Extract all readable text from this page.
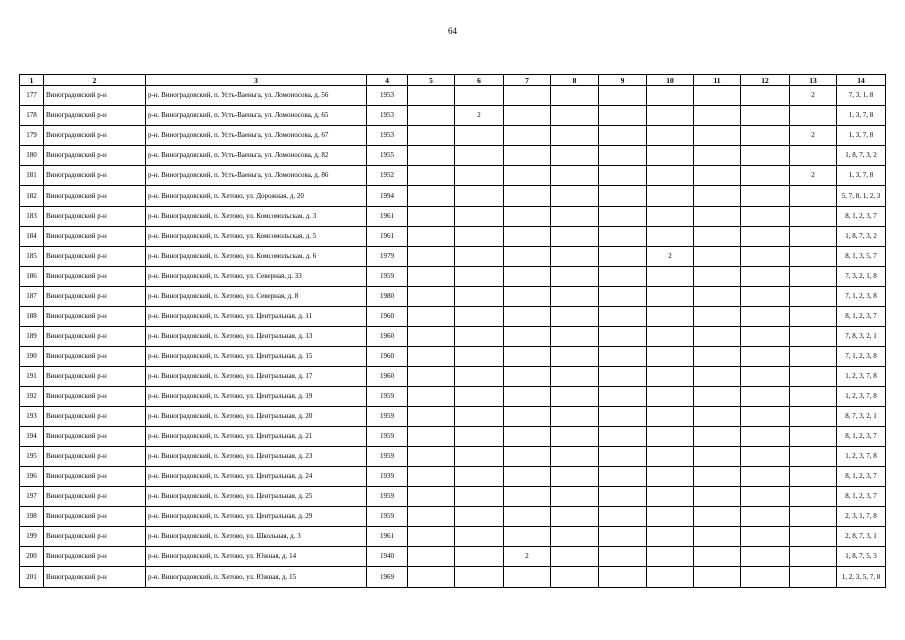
64
1	2	3	4	5	6	7	8	9	10	11	12	13	14
177	Виноградовский р-н	р-н. Виноградовский, п. Усть-Ваеньга, ул. Ломоносова, д. 56	1953									2	7, 3, 1, 8
178	Виноградовский р-н	р-н. Виноградовский, п. Усть-Ваеньга, ул. Ломоносова, д. 65	1953		2								1, 3, 7, 8
179	Виноградовский р-н	р-н. Виноградовский, п. Усть-Ваеньга, ул. Ломоносова, д. 67	1953									2	1, 3, 7, 8
180	Виноградовский р-н	р-н. Виноградовский, п. Усть-Ваеньга, ул. Ломоносова, д. 82	1955										1, 8, 7, 3, 2
181	Виноградовский р-н	р-н. Виноградовский, п. Усть-Ваеньга, ул. Ломоносова, д. 86	1952									2	1, 3, 7, 8
182	Виноградовский р-н	р-н. Виноградовский, п. Хетово, ул. Дорожная, д. 20	1994										5, 7, 8, 1, 2, 3
183	Виноградовский р-н	р-н. Виноградовский, п. Хетово, ул. Комсомольская, д. 3	1961										8, 1, 2, 3, 7
184	Виноградовский р-н	р-н. Виноградовский, п. Хетово, ул. Комсомольская, д. 5	1961										1, 8, 7, 3, 2
185	Виноградовский р-н	р-н. Виноградовский, п. Хетово, ул. Комсомольская, д. 6	1979						2				8, 1, 3, 5, 7
186	Виноградовский р-н	р-н. Виноградовский, п. Хетово, ул. Северная, д. 33	1959										7, 3, 2, 1, 8
187	Виноградовский р-н	р-н. Виноградовский, п. Хетово, ул. Северная, д. 8	1980										7, 1, 2, 3, 8
188	Виноградовский р-н	р-н. Виноградовский, п. Хетово, ул. Центральная, д. 11	1960										8, 1, 2, 3, 7
189	Виноградовский р-н	р-н. Виноградовский, п. Хетово, ул. Центральная, д. 13	1960										7, 8, 3, 2, 1
190	Виноградовский р-н	р-н. Виноградовский, п. Хетово, ул. Центральная, д. 15	1960										7, 1, 2, 3, 8
191	Виноградовский р-н	р-н. Виноградовский, п. Хетово, ул. Центральная, д. 17	1960										1, 2, 3, 7, 8
192	Виноградовский р-н	р-н. Виноградовский, п. Хетово, ул. Центральная, д. 19	1959										1, 2, 3, 7, 8
193	Виноградовский р-н	р-н. Виноградовский, п. Хетово, ул. Центральная, д. 20	1959										8, 7, 3, 2, 1
194	Виноградовский р-н	р-н. Виноградовский, п. Хетово, ул. Центральная, д. 21	1959										8, 1, 2, 3, 7
195	Виноградовский р-н	р-н. Виноградовский, п. Хетово, ул. Центральная, д. 23	1959										1, 2, 3, 7, 8
196	Виноградовский р-н	р-н. Виноградовский, п. Хетово, ул. Центральная, д. 24	1939										8, 1, 2, 3, 7
197	Виноградовский р-н	р-н. Виноградовский, п. Хетово, ул. Центральная, д. 25	1959										8, 1, 2, 3, 7
198	Виноградовский р-н	р-н. Виноградовский, п. Хетово, ул. Центральная, д. 29	1959										2, 3, 1, 7, 8
199	Виноградовский р-н	р-н. Виноградовский, п. Хетово, ул. Школьная, д. 3	1961										2, 8, 7, 3, 1
200	Виноградовский р-н	р-н. Виноградовский, п. Хетово, ул. Южная, д. 14	1940			2							1, 8, 7, 5, 3
201	Виноградовский р-н	р-н. Виноградовский, п. Хетово, ул. Южная, д. 15	1969										1, 2, 3, 5, 7, 8
